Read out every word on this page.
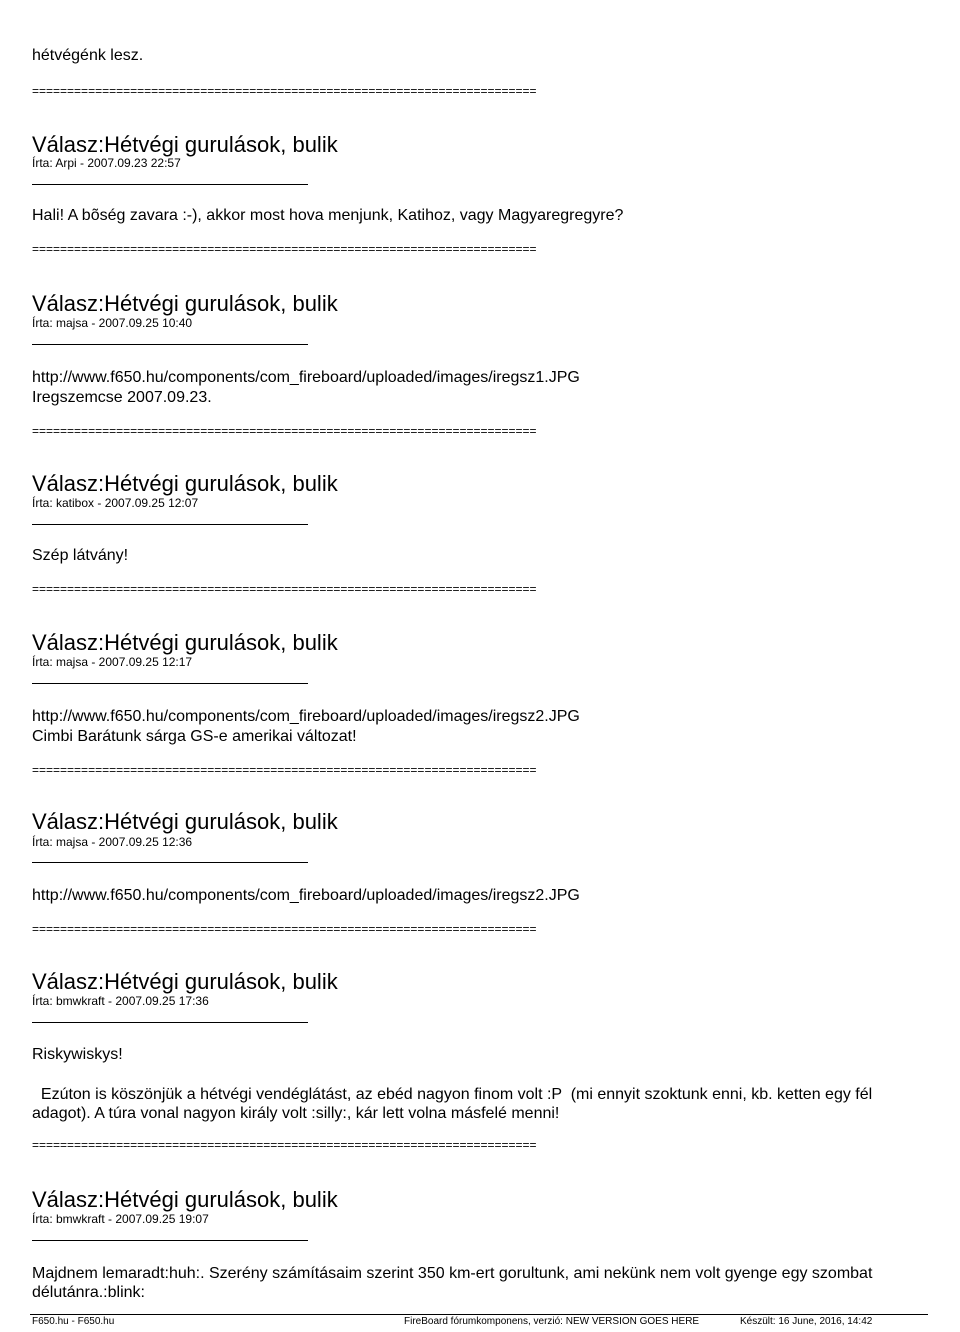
hétvégénk lesz.
========================================================================
Válasz:Hétvégi gurulások, bulik
Írta: Arpi - 2007.09.23 22:57
Hali! A bõség zavara :-), akkor most hova menjunk, Katihoz, vagy Magyaregregyre?
========================================================================
Válasz:Hétvégi gurulások, bulik
Írta: majsa - 2007.09.25 10:40
http://www.f650.hu/components/com_fireboard/uploaded/images/iregsz1.JPG
Iregszemcse 2007.09.23.
========================================================================
Válasz:Hétvégi gurulások, bulik
Írta: katibox - 2007.09.25 12:07
Szép látvány!
========================================================================
Válasz:Hétvégi gurulások, bulik
Írta: majsa - 2007.09.25 12:17
http://www.f650.hu/components/com_fireboard/uploaded/images/iregsz2.JPG
Cimbi Barátunk sárga GS-e amerikai változat!
========================================================================
Válasz:Hétvégi gurulások, bulik
Írta: majsa - 2007.09.25 12:36
http://www.f650.hu/components/com_fireboard/uploaded/images/iregsz2.JPG
========================================================================
Válasz:Hétvégi gurulások, bulik
Írta: bmwkraft - 2007.09.25 17:36
Riskywiskys!
Ezúton is köszönjük a hétvégi vendéglátást, az ebéd nagyon finom volt :P  (mi ennyit szoktunk enni, kb. ketten egy fél adagot). A túra vonal nagyon király volt :silly:, kár lett volna másfelé menni!
========================================================================
Válasz:Hétvégi gurulások, bulik
Írta: bmwkraft - 2007.09.25 19:07
Majdnem lemaradt:huh:. Szerény számításaim szerint 350 km-ert gorultunk, ami nekünk nem volt gyenge egy szombat délutánra.:blink:
F650.hu - F650.hu	FireBoard fórumkomponens, verzió: NEW VERSION GOES HERE	Készült: 16 June, 2016, 14:42
